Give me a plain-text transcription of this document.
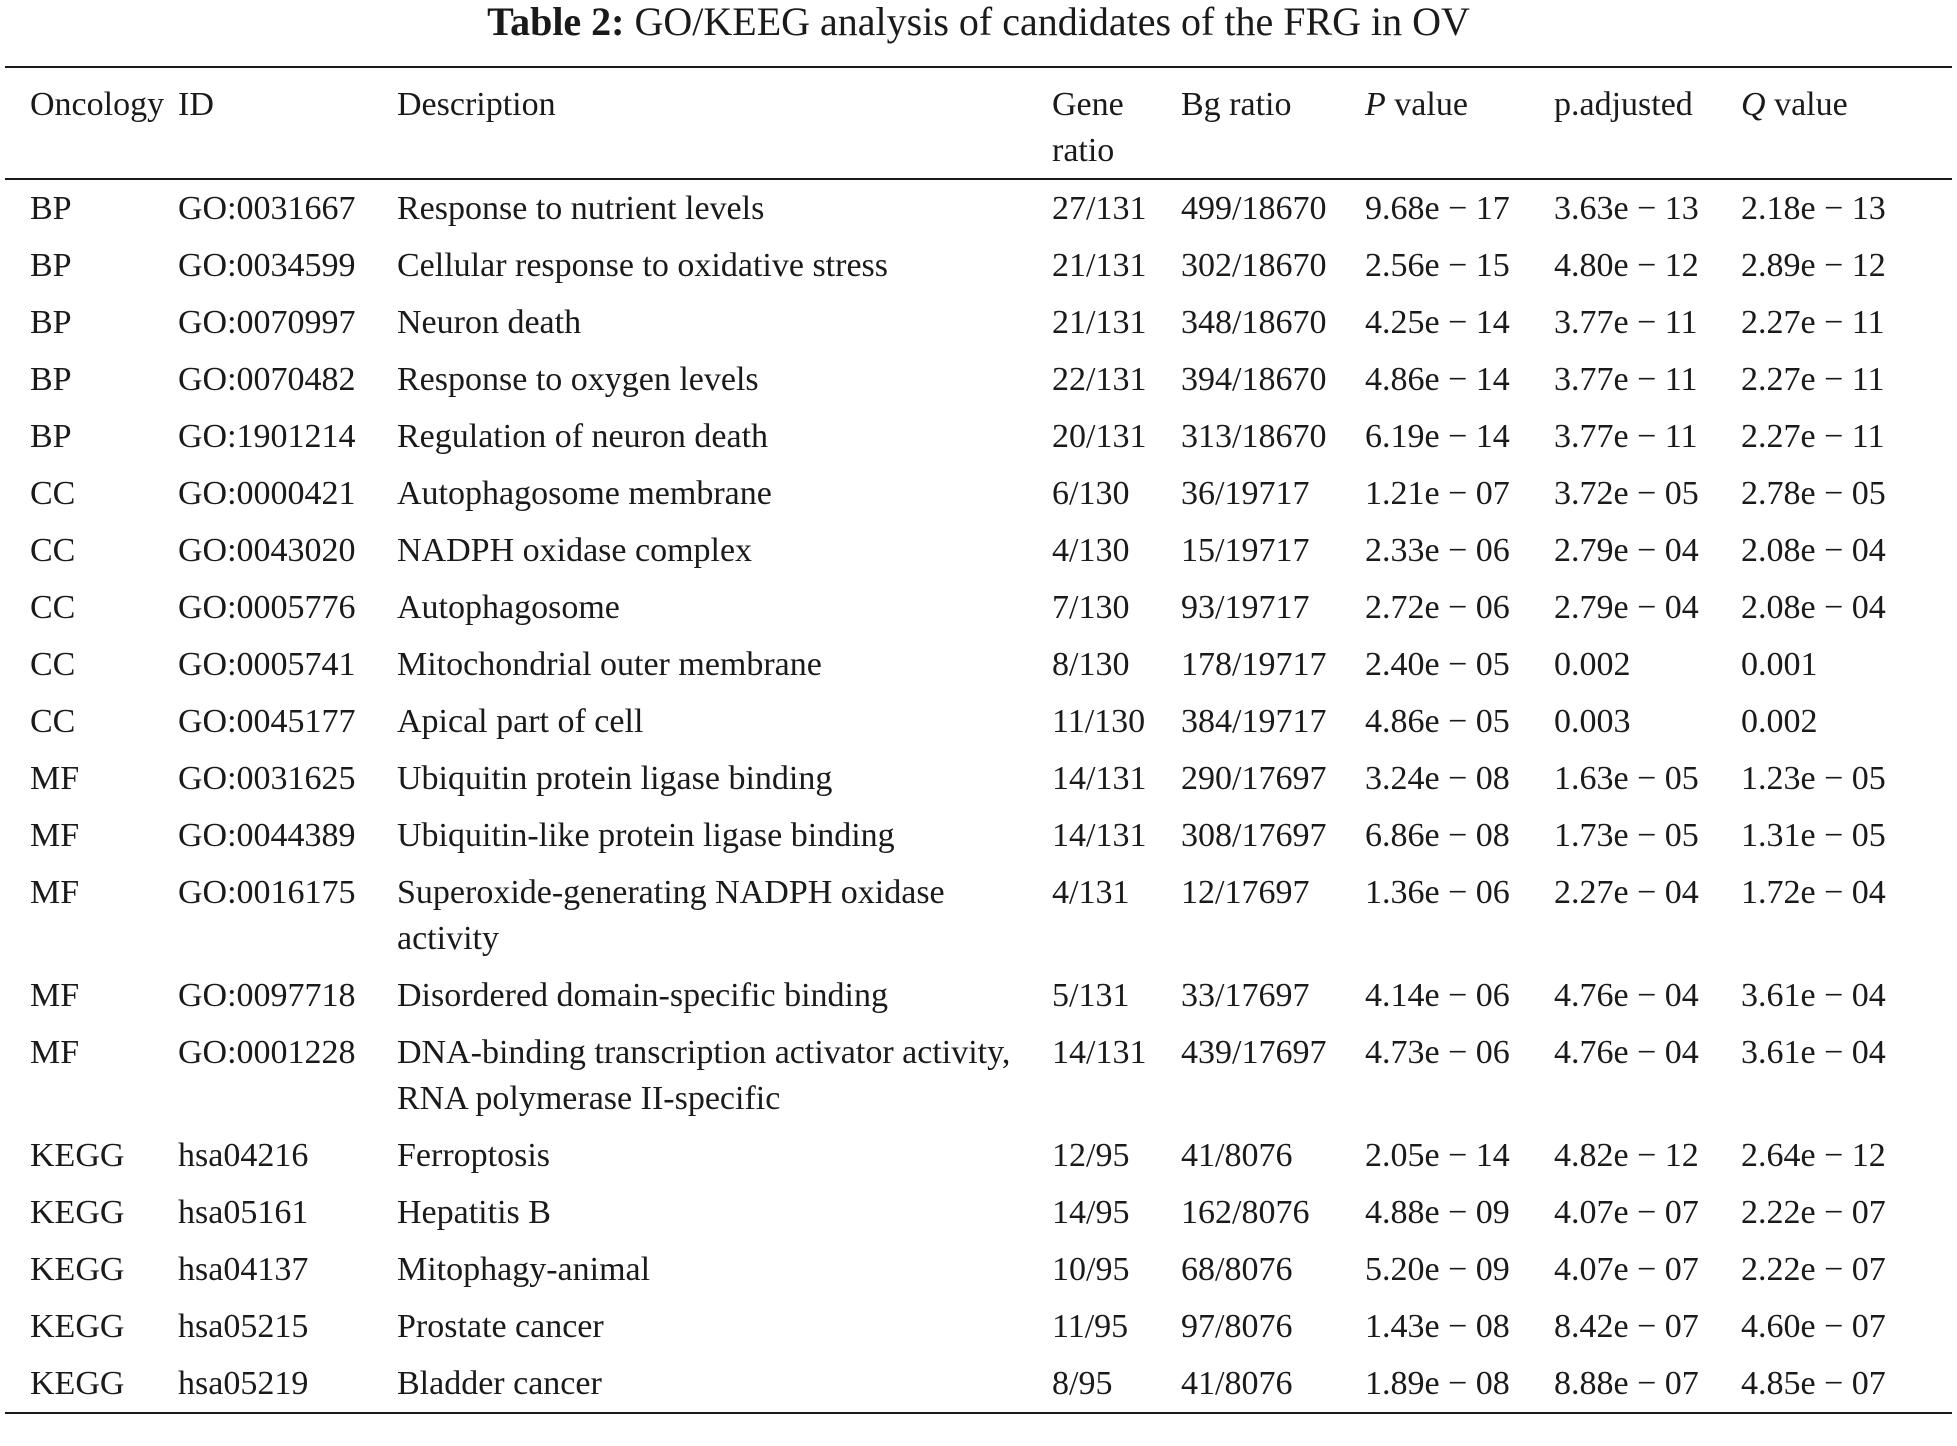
Table 2: GO/KEEG analysis of candidates of the FRG in OV
Oncology	ID	Description	Gene ratio	Bg ratio	P value	p.adjusted	Q value
BP	GO:0031667	Response to nutrient levels	27/131	499/18670	9.68e − 17	3.63e − 13	2.18e − 13
BP	GO:0034599	Cellular response to oxidative stress	21/131	302/18670	2.56e − 15	4.80e − 12	2.89e − 12
BP	GO:0070997	Neuron death	21/131	348/18670	4.25e − 14	3.77e − 11	2.27e − 11
BP	GO:0070482	Response to oxygen levels	22/131	394/18670	4.86e − 14	3.77e − 11	2.27e − 11
BP	GO:1901214	Regulation of neuron death	20/131	313/18670	6.19e − 14	3.77e − 11	2.27e − 11
CC	GO:0000421	Autophagosome membrane	6/130	36/19717	1.21e − 07	3.72e − 05	2.78e − 05
CC	GO:0043020	NADPH oxidase complex	4/130	15/19717	2.33e − 06	2.79e − 04	2.08e − 04
CC	GO:0005776	Autophagosome	7/130	93/19717	2.72e − 06	2.79e − 04	2.08e − 04
CC	GO:0005741	Mitochondrial outer membrane	8/130	178/19717	2.40e − 05	0.002	0.001
CC	GO:0045177	Apical part of cell	11/130	384/19717	4.86e − 05	0.003	0.002
MF	GO:0031625	Ubiquitin protein ligase binding	14/131	290/17697	3.24e − 08	1.63e − 05	1.23e − 05
MF	GO:0044389	Ubiquitin-like protein ligase binding	14/131	308/17697	6.86e − 08	1.73e − 05	1.31e − 05
MF	GO:0016175	Superoxide-generating NADPH oxidase activity	4/131	12/17697	1.36e − 06	2.27e − 04	1.72e − 04
MF	GO:0097718	Disordered domain-specific binding	5/131	33/17697	4.14e − 06	4.76e − 04	3.61e − 04
MF	GO:0001228	DNA-binding transcription activator activity, RNA polymerase II-specific	14/131	439/17697	4.73e − 06	4.76e − 04	3.61e − 04
KEGG	hsa04216	Ferroptosis	12/95	41/8076	2.05e − 14	4.82e − 12	2.64e − 12
KEGG	hsa05161	Hepatitis B	14/95	162/8076	4.88e − 09	4.07e − 07	2.22e − 07
KEGG	hsa04137	Mitophagy-animal	10/95	68/8076	5.20e − 09	4.07e − 07	2.22e − 07
KEGG	hsa05215	Prostate cancer	11/95	97/8076	1.43e − 08	8.42e − 07	4.60e − 07
KEGG	hsa05219	Bladder cancer	8/95	41/8076	1.89e − 08	8.88e − 07	4.85e − 07
